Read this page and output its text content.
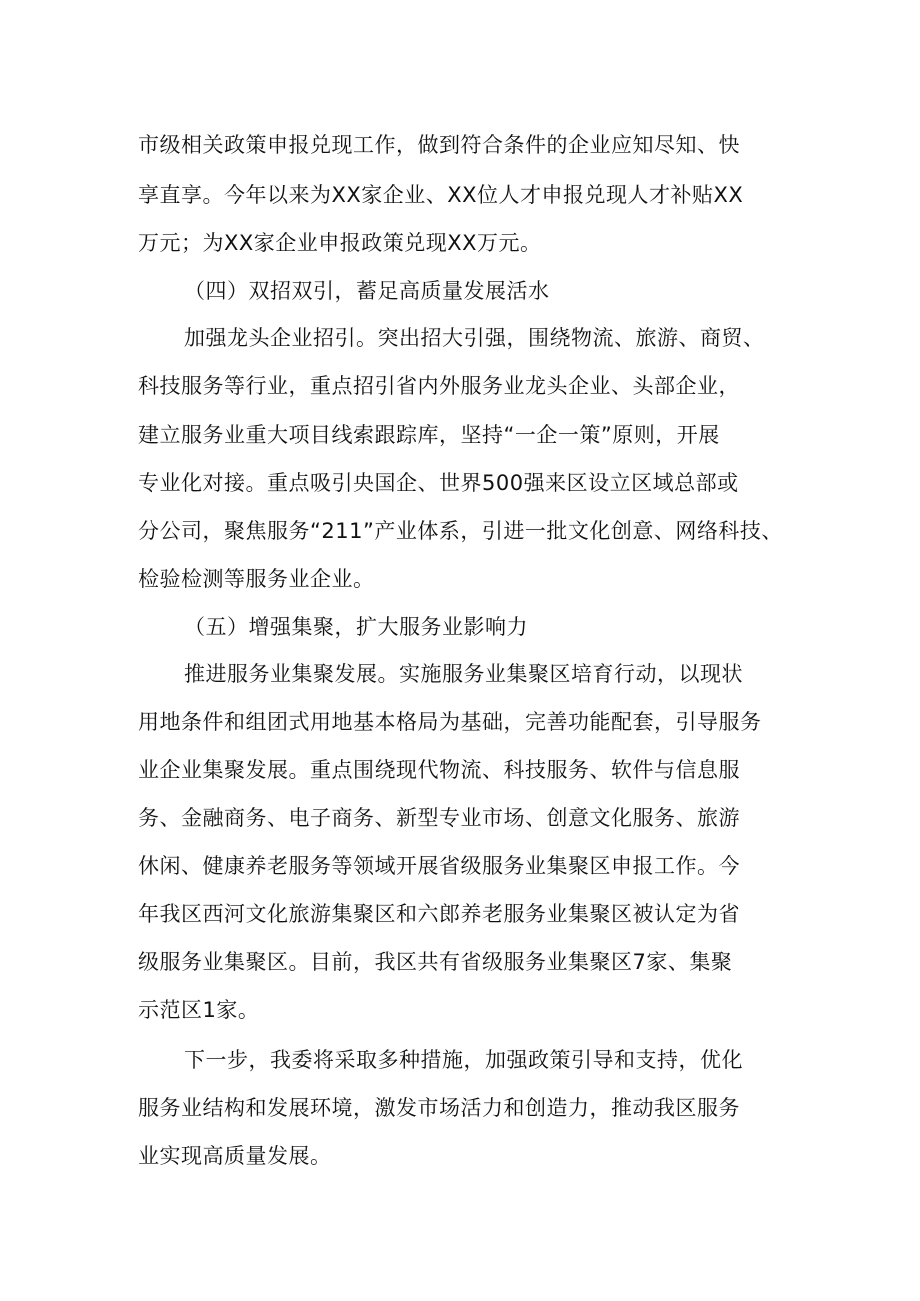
市级相关政策申报兑现工作，做到符合条件的企业应知尽知、快
享直享。今年以来为XX家企业、XX位人才申报兑现人才补贴XX
万元；为XX家企业申报政策兑现XX万元。
（四）双招双引，蓄足高质量发展活水
加强龙头企业招引。突出招大引强，围绕物流、旅游、商贸、
科技服务等行业，重点招引省内外服务业龙头企业、头部企业，
建立服务业重大项目线索跟踪库，坚持“一企一策”原则，开展
专业化对接。重点吸引央国企、世界500强来区设立区域总部或
分公司，聚焦服务“211”产业体系，引进一批文化创意、网络科技、
检验检测等服务业企业。
（五）增强集聚，扩大服务业影响力
推进服务业集聚发展。实施服务业集聚区培育行动，以现状
用地条件和组团式用地基本格局为基础，完善功能配套，引导服务
业企业集聚发展。重点围绕现代物流、科技服务、软件与信息服
务、金融商务、电子商务、新型专业市场、创意文化服务、旅游
休闲、健康养老服务等领域开展省级服务业集聚区申报工作。今
年我区西河文化旅游集聚区和六郎养老服务业集聚区被认定为省
级服务业集聚区。目前，我区共有省级服务业集聚区7家、集聚
示范区1家。
下一步，我委将采取多种措施，加强政策引导和支持，优化
服务业结构和发展环境，激发市场活力和创造力，推动我区服务
业实现高质量发展。
